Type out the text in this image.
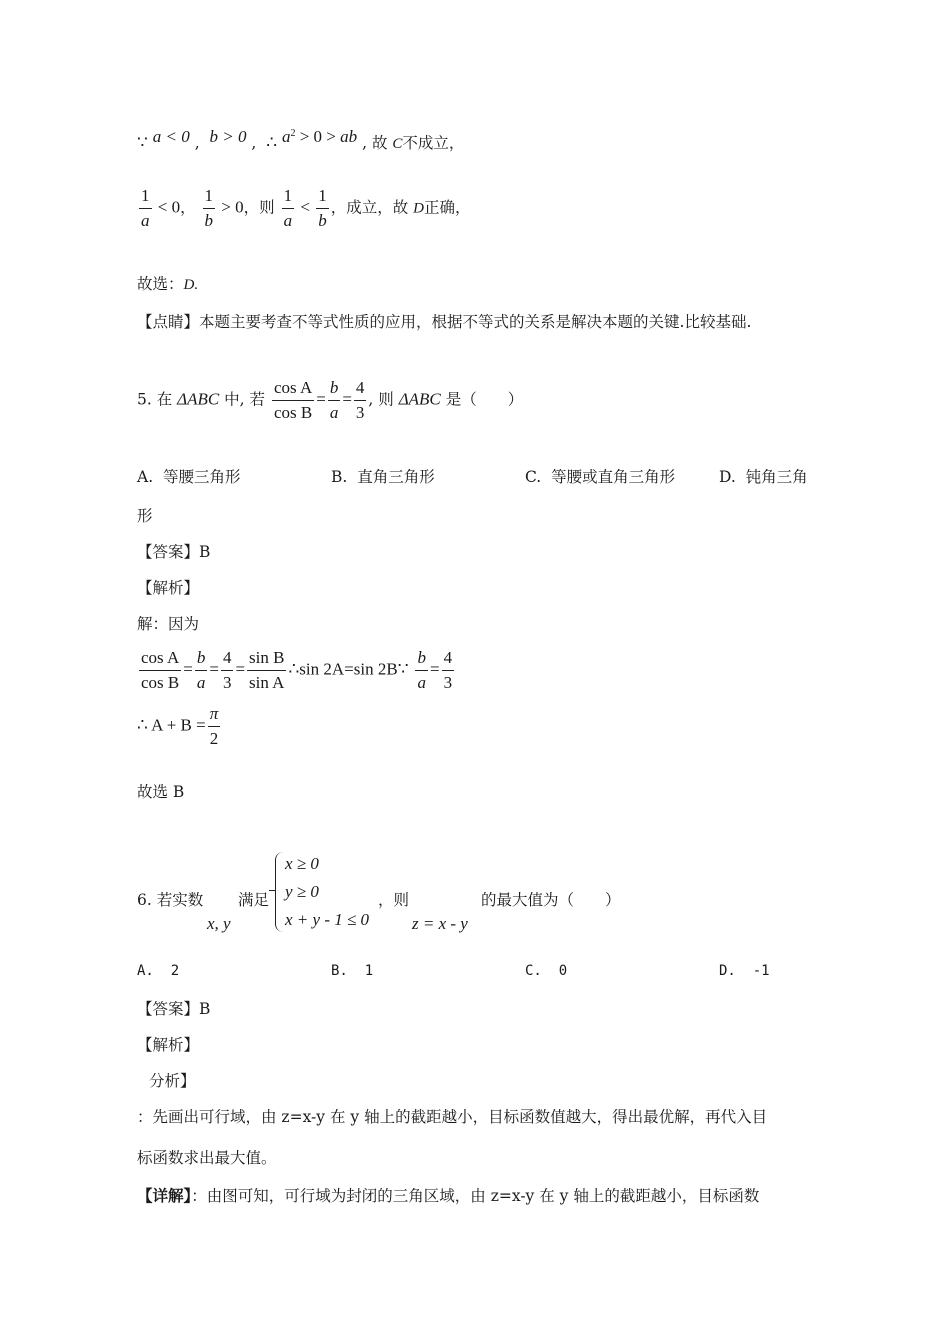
∵ a < 0 , b > 0 , ∴ $a^2 > 0$ > ab , 故 C不成立，
$\frac{1}{a} < 0$， $\frac{1}{b} > 0$，则 $\frac{1}{a} < \frac{1}{b}$ ，成立，故 D正确，
故选：D.
【点睛】本题主要考查不等式性质的应用，根据不等式的关系是解决本题的关键.比较基础.
5. 在 ΔABC 中, 若 $\frac{\text{cos A}}{\text{cos B}} = \frac{b}{a} = \frac{4}{3}$ , 则 ΔABC 是（　　）
A. 等腰三角形	B. 直角三角形	C. 等腰或直角三角形	D. 钝角三角
形
【答案】B
【解析】
解：因为
$\frac{\text{cos A}}{\text{cos B}} = \frac{b}{a} = \frac{4}{3} = \frac{\text{sin B}}{\text{sin A}}$ ∴sin 2A=sin 2B∵ $\frac{b}{a} = \frac{4}{3}$
∴ $A + B = \frac{\pi}{2}$
故选 B
6. 若实数
x, y
满足
x ≥ 0
y ≥ 0
x + y - 1 ≤ 0
，则
z = x - y
的最大值为（　　）
A. 2	B. 1	C. 0	D. -1
【答案】B
【解析】
分析】
：先画出可行域，由 z=x-y 在 y 轴上的截距越小，目标函数值越大，得出最优解，再代入目
标函数求出最大值。
【详解】：由图可知，可行域为封闭的三角区域，由 z=x-y 在 y 轴上的截距越小，目标函数
